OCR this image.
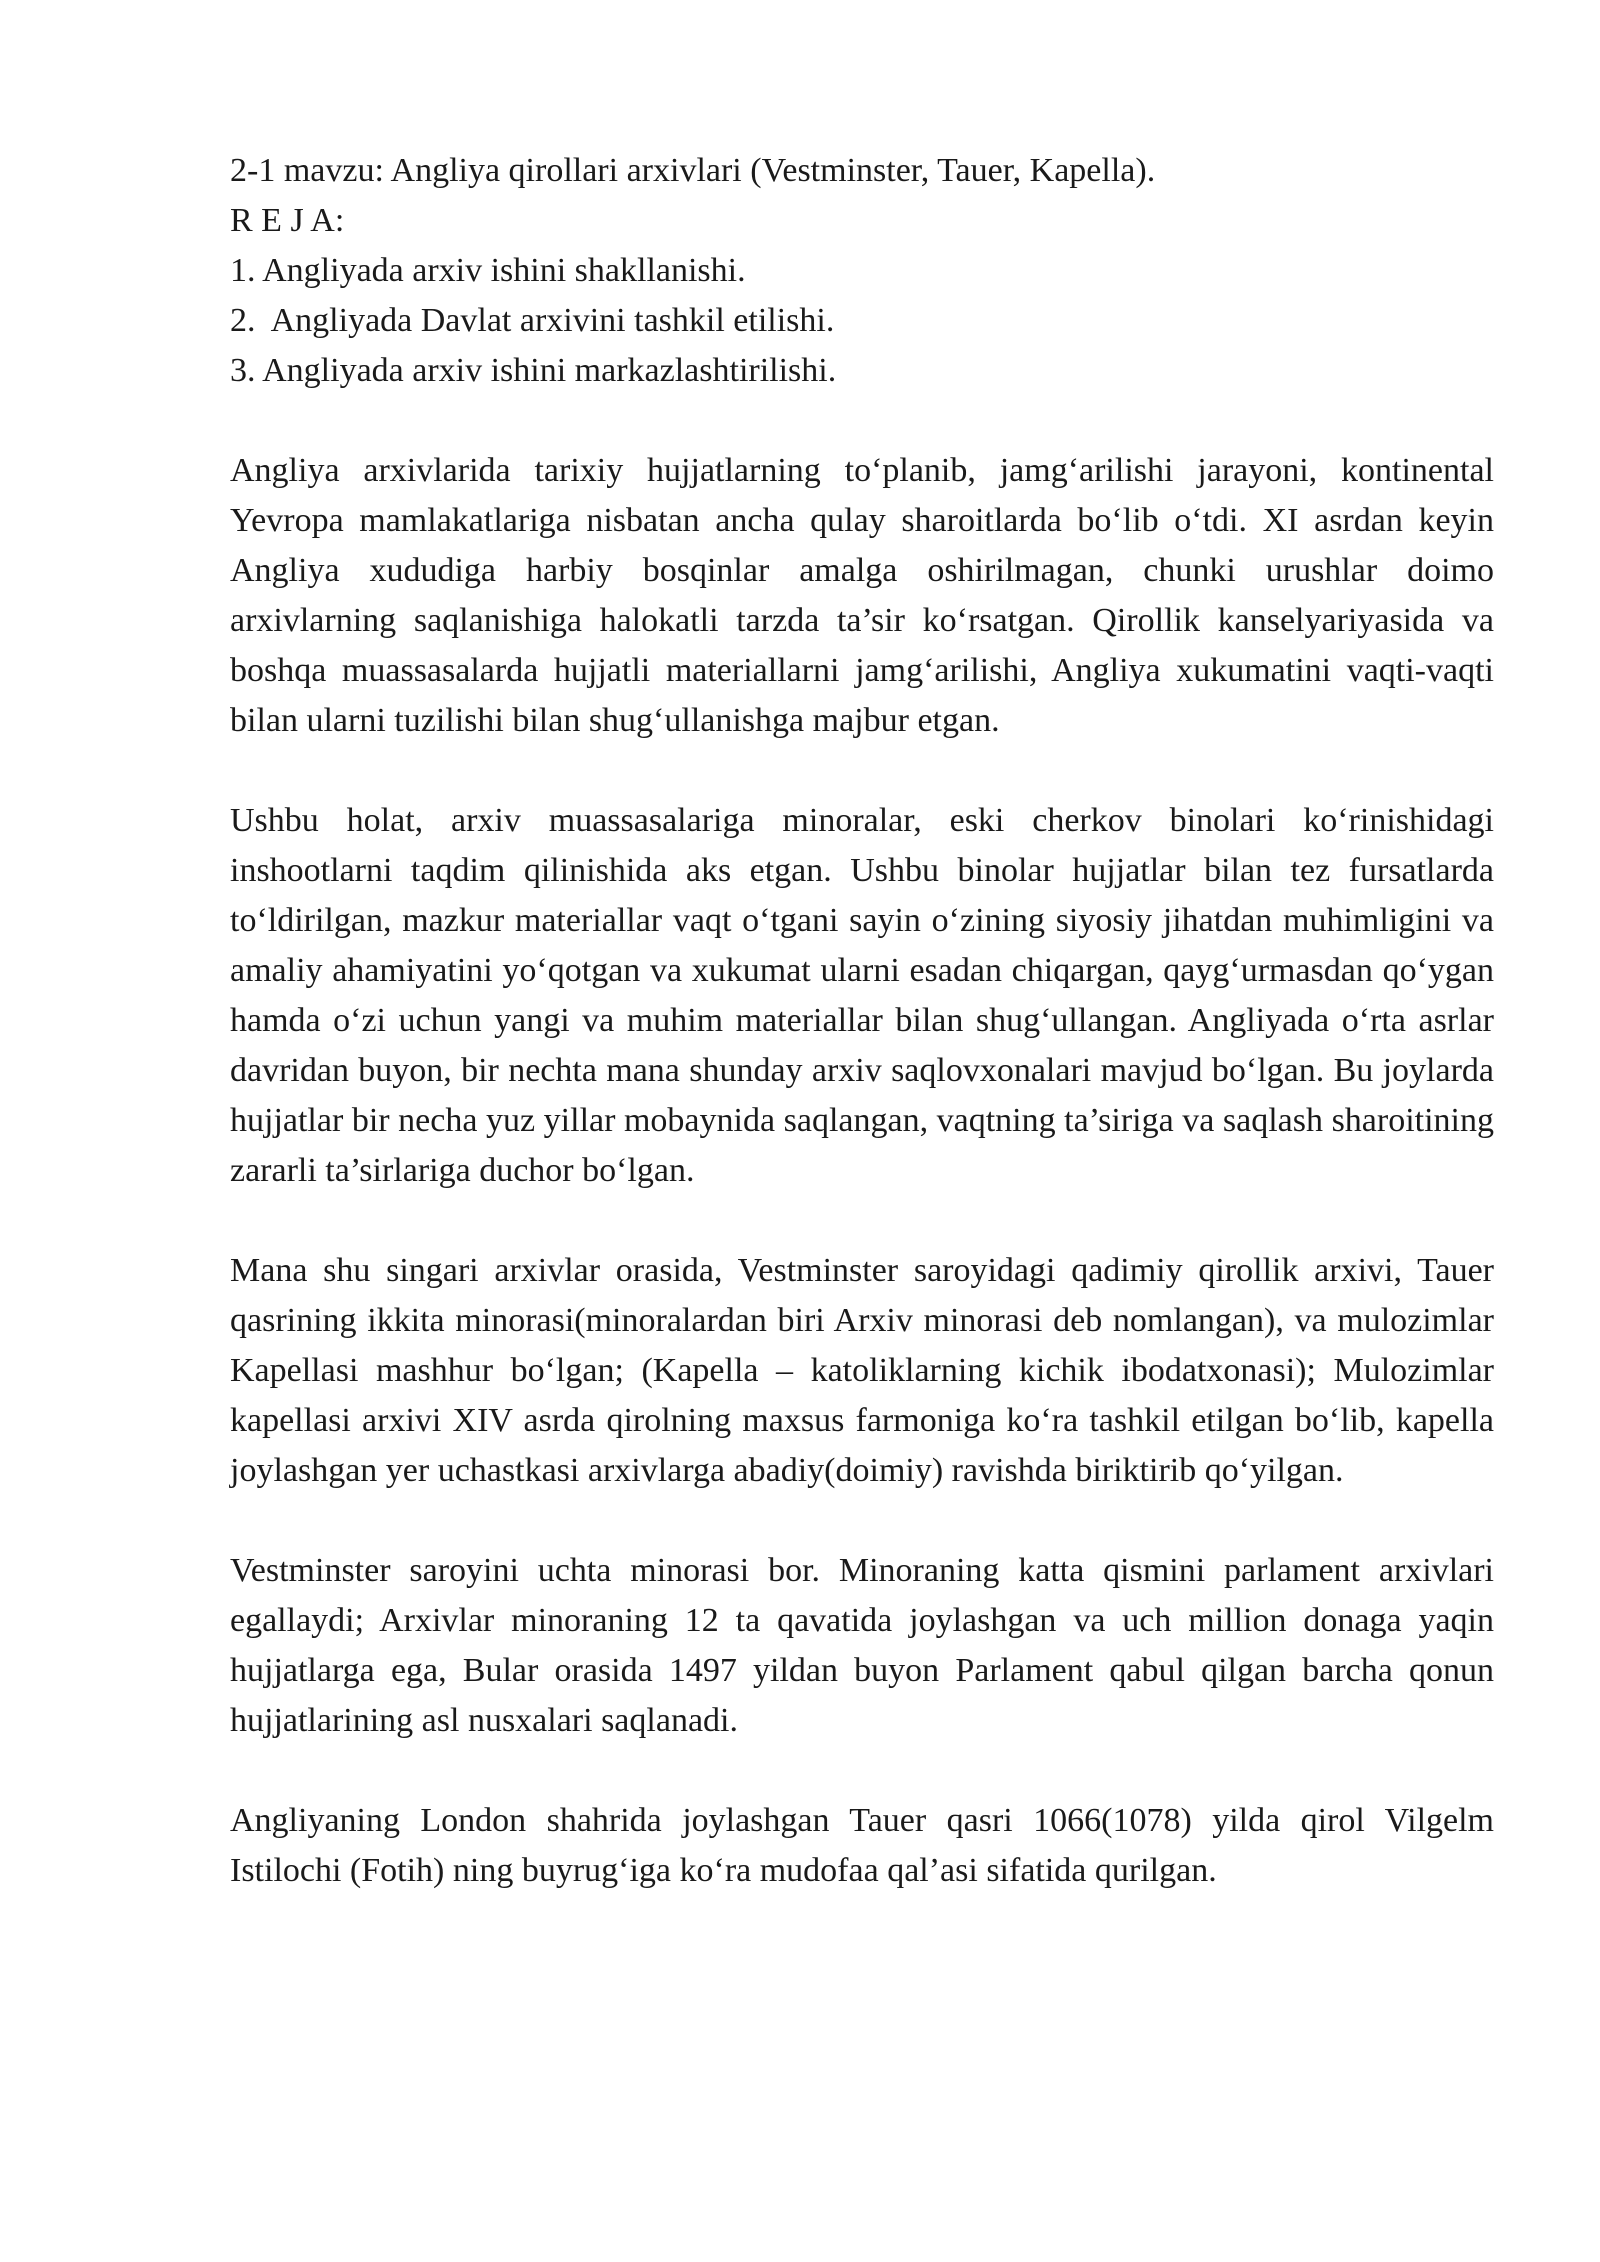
2-1 mavzu: Angliya qirollari arxivlari (Vestminster, Tauer, Kapella).

R E J A:

1. Angliyada arxiv ishini shakllanishi.
2.  Angliyada Davlat arxivini tashkil etilishi.
3. Angliyada arxiv ishini markazlashtirilishi.

Angliya arxivlarida tarixiy hujjatlarning to‘planib, jamg‘arilishi jarayoni, kontinental Yevropa mamlakatlariga nisbatan ancha qulay sharoitlarda bo‘lib o‘tdi. XI asrdan keyin Angliya xududiga harbiy bosqinlar amalga oshirilmagan, chunki urushlar doimo arxivlarning saqlanishiga halokatli tarzda ta’sir ko‘rsatgan. Qirollik kanselyariyasida va boshqa muassasalarda hujjatli materiallarni jamg‘arilishi, Angliya xukumatini vaqti-vaqti bilan ularni tuzilishi bilan shug‘ullanishga majbur etgan.

Ushbu holat, arxiv muassasalariga minoralar, eski cherkov binolari ko‘rinishidagi inshootlarni taqdim qilinishida aks etgan. Ushbu binolar hujjatlar bilan tez fursatlarda to‘ldirilgan, mazkur materiallar vaqt o‘tgani sayin o‘zining siyosiy jihatdan muhimligini va amaliy ahamiyatini yo‘qotgan va xukumat ularni esadan chiqargan, qayg‘urmasdan qo‘ygan hamda o‘zi uchun yangi va muhim materiallar bilan shug‘ullangan. Angliyada o‘rta asrlar davridan buyon, bir nechta mana shunday arxiv saqlovxonalari mavjud bo‘lgan. Bu joylarda hujjatlar bir necha yuz yillar mobaynida saqlangan, vaqtning ta’siriga va saqlash sharoitining zararli ta’sirlariga duchor bo‘lgan.

Mana shu singari arxivlar orasida, Vestminster saroyidagi qadimiy qirollik arxivi, Tauer qasrining ikkita minorasi(minoralardan biri Arxiv minorasi deb nomlangan), va mulozimlar Kapellasi mashhur bo‘lgan; (Kapella – katoliklarning kichik ibodatxonasi); Mulozimlar kapellasi arxivi XIV asrda qirolning maxsus farmoniga ko‘ra tashkil etilgan bo‘lib, kapella joylashgan yer uchastkasi arxivlarga abadiy(doimiy) ravishda biriktirib qo‘yilgan.

Vestminster saroyini uchta minorasi bor. Minoraning katta qismini parlament arxivlari egallaydi; Arxivlar minoraning 12 ta qavatida joylashgan va uch million donaga yaqin hujjatlarga ega, Bular orasida 1497 yildan buyon Parlament qabul qilgan barcha qonun hujjatlarining asl nusxalari saqlanadi.

Angliyaning London shahrida joylashgan Tauer qasri 1066(1078) yilda qirol Vilgelm Istilochi (Fotih) ning buyrug‘iga ko‘ra mudofaa qal’asi sifatida qurilgan.
